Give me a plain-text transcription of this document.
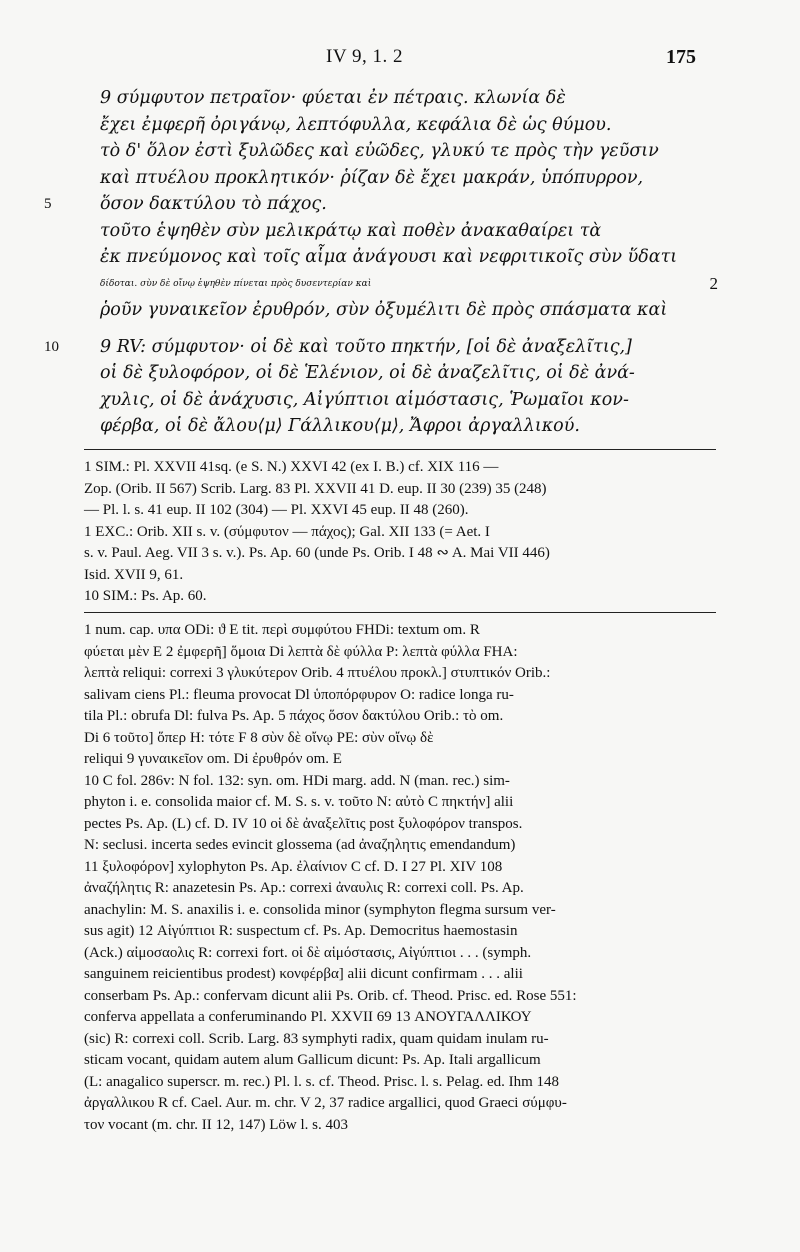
IV 9, 1. 2	175
9 σύμφυτον πετραῖον· φύεται ἐν πέτραις. κλωνία δὲ
ἔχει ἐμφερῆ ὀριγάνῳ, λεπτόφυλλα, κεφάλια δὲ ὡς θύμου.
τὸ δ' ὅλον ἐστὶ ξυλῶδες καὶ εὐῶδες, γλυκύ τε πρὸς τὴν γεῦσιν
καὶ πτυέλου προκλητικόν· ῥίζαν δὲ ἔχει μακράν, ὑπόπυρρον,
5	ὅσον δακτύλου τὸ πάχος.
τοῦτο ἑψηθὲν σὺν μελικράτῳ καὶ ποθὲν ἀνακαθαίρει τὰ
ἐκ πνεύμονος καὶ τοῖς αἷμα ἀνάγουσι καὶ νεφριτικοῖς σὺν ὕδατι
δίδοται. σὺν δὲ οἴνῳ ἑψηθὲν πίνεται πρὸς δυσεντερίαν καὶ	2
ῥοῦν γυναικεῖον ἐρυθρόν, σὺν ὀξυμέλιτι δὲ πρὸς σπάσματα καὶ
10 9 RV: σύμφυτον· οἱ δὲ καὶ τοῦτο πηκτήν, [οἱ δὲ ἀναξελῖτις,]
οἱ δὲ ξυλοφόρον, οἱ δὲ Ἑλένιον, οἱ δὲ ἀναζελῖτις, οἱ δὲ ἀνά-
χυλις, οἱ δὲ ἀνάχυσις, Αἰγύπτιοι αἱμόστασις, Ῥωμαῖοι κον-
φέρβα, οἱ δὲ ἄλου⟨μ⟩ Γάλλικου⟨μ⟩, Ἄφροι ἀργαλλικού.
1 SIM.: Pl. XXVII 41sq. (e S. N.) XXVI 42 (ex I. B.) cf. XIX 116 —
Zop. (Orib. II 567) Scrib. Larg. 83 Pl. XXVII 41 D. eup. II 30 (239) 35 (248)
— Pl. l. s. 41 eup. II 102 (304) — Pl. XXVI 45 eup. II 48 (260).
1 EXC.: Orib. XII s. v. (σύμφυτον — πάχος); Gal. XII 133 (= Aet. I
s. v. Paul. Aeg. VII 3 s. v.). Ps. Ap. 60 (unde Ps. Orib. I 48 ∾ A. Mai VII 446)
Isid. XVII 9, 61.
10 SIM.: Ps. Ap. 60.
1 num. cap. υπα ODi: ϑ E tit. περὶ συμφύτου FHDi: textum om. R
φύεται μὲν E 2 ἐμφερῆ] ὅμοια Di λεπτὰ δὲ φύλλα P: λεπτὰ φύλλα FHA:
λεπτὰ reliqui: correxi 3 γλυκύτερον Orib. 4 πτυέλου προκλ.] στυπτικόν Orib.:
salivam ciens Pl.: fleuma provocat Dl ὑποπόρφυρον O: radice longa ru-
tila Pl.: obrufa Dl: fulva Ps. Ap. 5 πάχος ὅσον δακτύλου Orib.: τὸ om.
Di 6 τοῦτο] ὅπερ H: τότε F 8 σὺν δὲ οἴνῳ PE: σὺν οἴνῳ δὲ
reliqui 9 γυναικεῖον om. Di ἐρυθρόν om. E
10 C fol. 286v: N fol. 132: syn. om. HDi marg. add. N (man. rec.) sim-
phyton i. e. consolida maior cf. M. S. s. v. τοῦτο N: αὐτὸ C πηκτήν] alii
pectes Ps. Ap. (L) cf. D. IV 10 οἱ δὲ ἀναξελῖτις post ξυλοφόρον transpos.
N: seclusi. incerta sedes evincit glossema (ad ἀναζηλητις emendandum)
11 ξυλοφόρον] xylophyton Ps. Ap. ἐλαίνιον C cf. D. I 27 Pl. XIV 108
ἀναζήλητις R: anazetesin Ps. Ap.: correxi ἀναυλις R: correxi coll. Ps. Ap.
anachylin: M. S. anaxilis i. e. consolida minor (symphyton flegma sursum ver-
sus agit) 12 Αἰγύπτιοι R: suspectum cf. Ps. Ap. Democritus haemostasin
(Ack.) αἰμοσαολις R: correxi fort. οἱ δὲ αἱμόστασις, Αἰγύπτιοι . . . (symph.
sanguinem reicientibus prodest) κονφέρβα] alii dicunt confirmam . . . alii
conserbam Ps. Ap.: confervam dicunt alii Ps. Orib. cf. Theod. Prisc. ed. Rose 551:
conferva appellata a conferuminando Pl. XXVII 69 13 ΑΝΟΥΓΑΛΛΙΚΟΥ
(sic) R: correxi coll. Scrib. Larg. 83 symphyti radix, quam quidam inulam ru-
sticam vocant, quidam autem alum Gallicum dicunt: Ps. Ap. Itali argallicum
(L: anagalico superscr. m. rec.) Pl. l. s. cf. Theod. Prisc. l. s. Pelag. ed. Ihm 148
ἀργαλλικου R cf. Cael. Aur. m. chr. V 2, 37 radice argallici, quod Graeci σύμφυ-
τον vocant (m. chr. II 12, 147) Löw l. s. 403
